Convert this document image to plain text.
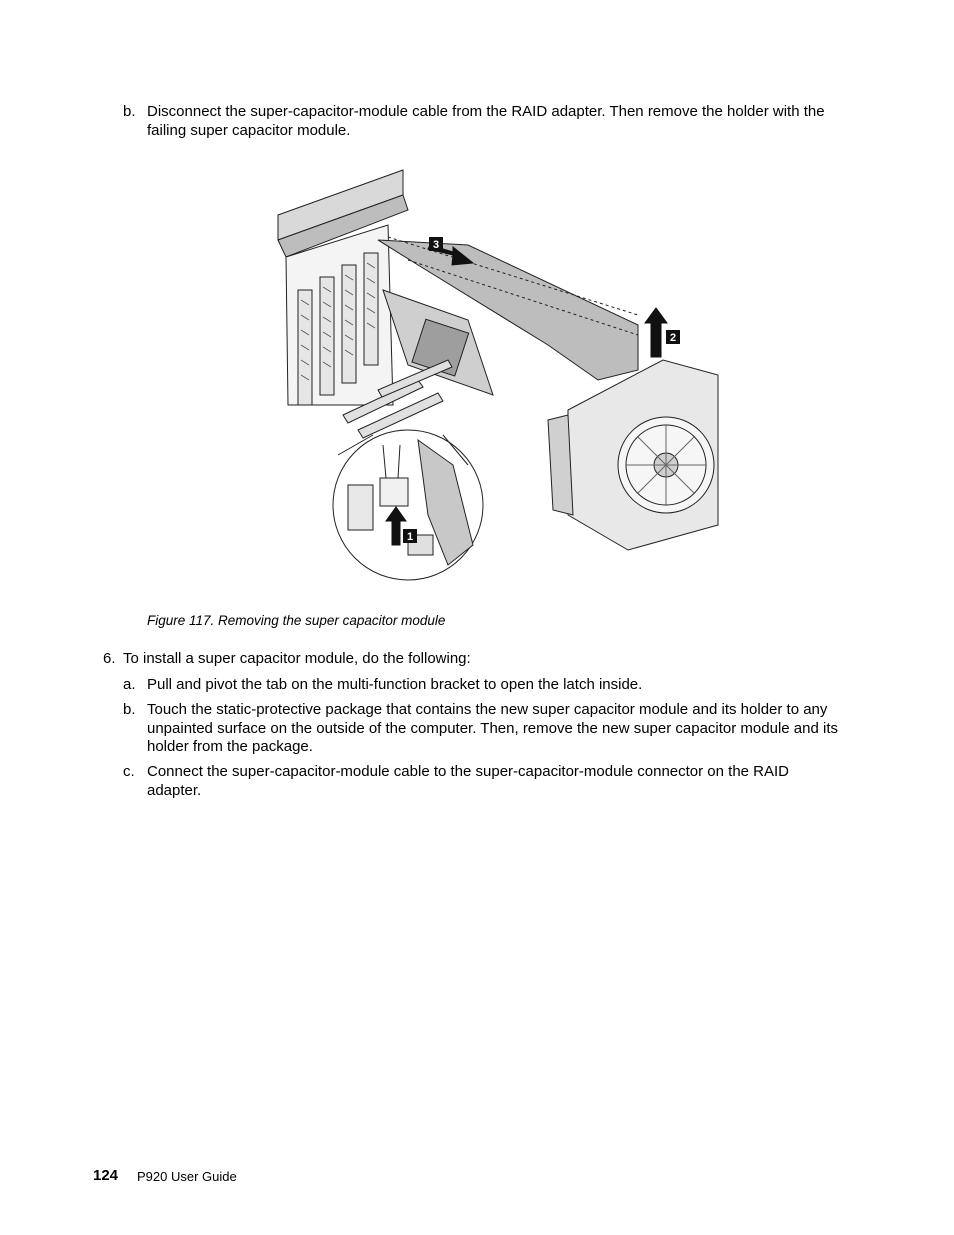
b. Disconnect the super-capacitor-module cable from the RAID adapter. Then remove the holder with the failing super capacitor module.
3
2
1
Figure 117. Removing the super capacitor module
6. To install a super capacitor module, do the following:
a. Pull and pivot the tab on the multi-function bracket to open the latch inside.
b. Touch the static-protective package that contains the new super capacitor module and its holder to any unpainted surface on the outside of the computer. Then, remove the new super capacitor module and its holder from the package.
c. Connect the super-capacitor-module cable to the super-capacitor-module connector on the RAID adapter.
124 P920 User Guide
